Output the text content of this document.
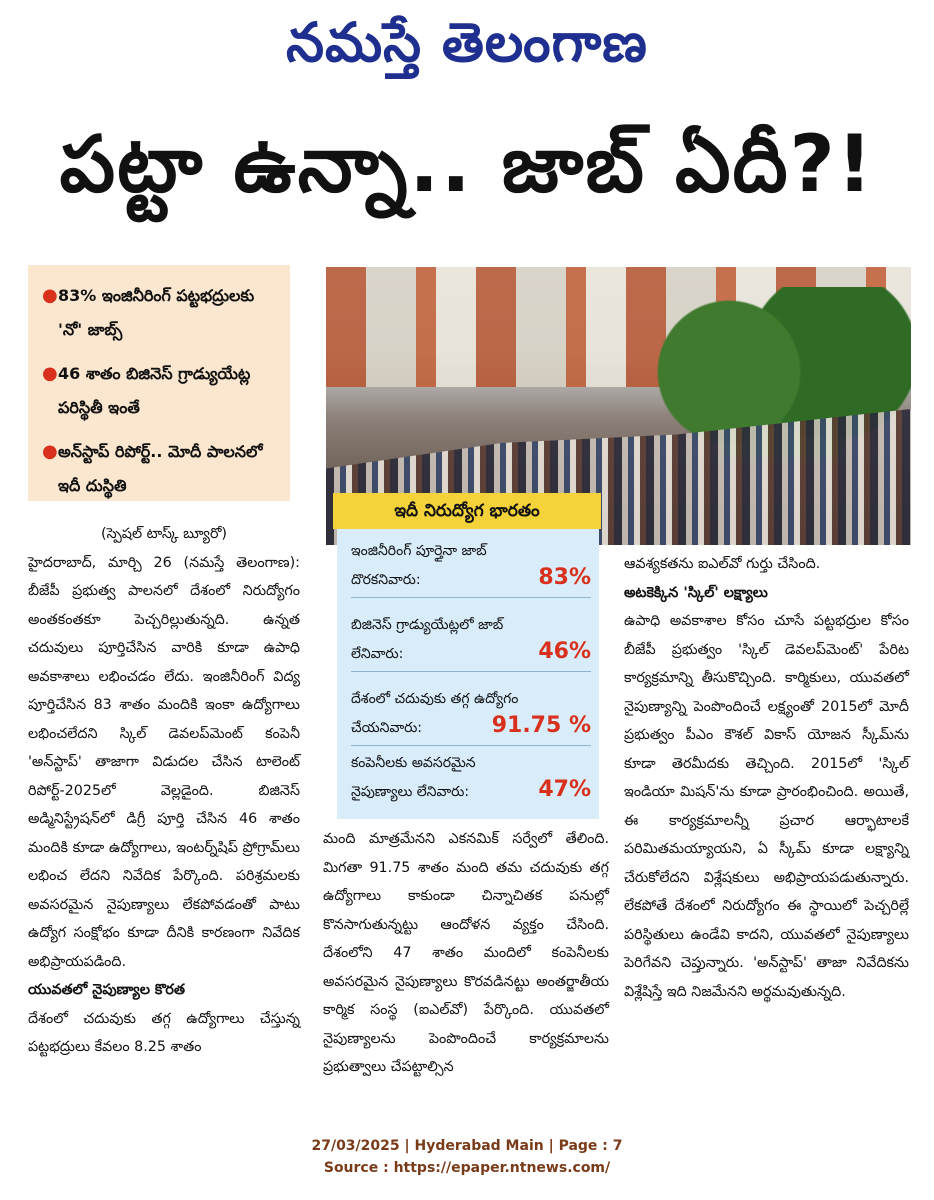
నమస్తే తెలంగాణ
పట్టా ఉన్నా.. జాబ్ ఏదీ?!
● 83% ఇంజినీరింగ్ పట్టభద్రులకు 'నో' జాబ్స్
● 46 శాతం బిజినెస్ గ్రాడ్యుయేట్ల పరిస్థితీ ఇంతే
● అన్‌స్టాప్ రిపోర్ట్.. మోదీ పాలనలో ఇదీ దుస్థితి
ఇదీ నిరుద్యోగ భారతం
ఇంజినీరింగ్ పూర్తైనా జాబ్
దొరకనివారు:	83%
బిజినెస్ గ్రాడ్యుయేట్లలో జాబ్
లేనివారు:	46%
దేశంలో చదువుకు తగ్గ ఉద్యోగం
చేయనివారు:	91.75 %
కంపెనీలకు అవసరమైన
నైపుణ్యాలు లేనివారు:	47%

(స్పెషల్ టాస్క్ బ్యూరో)

హైదరాబాద్, మార్చి 26 (నమస్తే తెలంగాణ): బీజేపీ ప్రభుత్వ పాలనలో దేశంలో నిరుద్యోగం అంతకంతకూ పెచ్చరిల్లుతున్నది. ఉన్నత చదువులు పూర్తిచేసిన వారికి కూడా ఉపాధి అవకాశాలు లభించడం లేదు. ఇంజినీరింగ్ విద్య పూర్తిచేసిన 83 శాతం మందికి ఇంకా ఉద్యోగాలు లభించలేదని స్కిల్ డెవలప్‌మెంట్ కంపెనీ 'అన్‌స్టాప్' తాజాగా విడుదల చేసిన టాలెంట్ రిపోర్ట్-2025లో వెల్లడైంది. బిజినెస్ అడ్మినిస్ట్రేషన్‌లో డిగ్రీ పూర్తి చేసిన 46 శాతం మందికి కూడా ఉద్యోగాలు, ఇంటర్న్‌షిప్ ప్రోగ్రామ్‌లు లభించ లేదని నివేదిక పేర్కొంది. పరిశ్రమలకు అవసరమైన నైపుణ్యాలు లేకపోవడంతో పాటు ఉద్యోగ సంక్షోభం కూడా దీనికి కారణంగా నివేదిక అభిప్రాయపడింది.

యువతలో నైపుణ్యాల కొరత

దేశంలో చదువుకు తగ్గ ఉద్యోగాలు చేస్తున్న పట్టభద్రులు కేవలం 8.25 శాతం

మంది మాత్రమేనని ఎకనమిక్ సర్వేలో తేలింది. మిగతా 91.75 శాతం మంది తమ చదువుకు తగ్గ ఉద్యోగాలు కాకుండా చిన్నాచితక పనుల్లో కొనసాగుతున్నట్టు ఆందోళన వ్యక్తం చేసింది. దేశంలోని 47 శాతం మందిలో కంపెనీలకు అవసరమైన నైపుణ్యాలు కొరవడినట్టు అంతర్జాతీయ కార్మిక సంస్థ (ఐఎల్‌వో) పేర్కొంది. యువతలో నైపుణ్యాలను పెంపొందించే కార్యక్రమాలను ప్రభుత్వాలు చేపట్టాల్సిన

ఆవశ్యకతను ఐఎల్‌వో గుర్తు చేసింది.

అటకెక్కిన 'స్కిల్' లక్ష్యాలు

ఉపాధి అవకాశాల కోసం చూసే పట్టభద్రుల కోసం బీజేపీ ప్రభుత్వం 'స్కిల్ డెవలప్‌మెంట్' పేరిట కార్యక్రమాన్ని తీసుకొచ్చింది. కార్మికులు, యువతలో నైపుణ్యాన్ని పెంపొందించే లక్ష్యంతో 2015లో మోదీ ప్రభుత్వం పీఎం కౌశల్ వికాస్ యోజన స్కీమ్‌ను కూడా తెరమీదకు తెచ్చింది. 2015లో 'స్కిల్ ఇండియా మిషన్'ను కూడా ప్రారంభించింది. అయితే, ఈ కార్యక్రమాలన్నీ ప్రచార ఆర్భాటాలకే పరిమితమయ్యాయని, ఏ స్కీమ్ కూడా లక్ష్యాన్ని చేరుకోలేదని విశ్లేషకులు అభిప్రాయపడుతున్నారు. లేకపోతే దేశంలో నిరుద్యోగం ఈ స్థాయిలో పెచ్చరిల్లే పరిస్థితులు ఉండేవి కాదని, యువతలో నైపుణ్యాలు పెరిగేవని చెప్తున్నారు. 'అన్‌స్టాప్' తాజా నివేదికను విశ్లేషిస్తే ఇది నిజమేనని అర్థమవుతున్నది.

27/03/2025 | Hyderabad Main | Page : 7
Source : https://epaper.ntnews.com/
